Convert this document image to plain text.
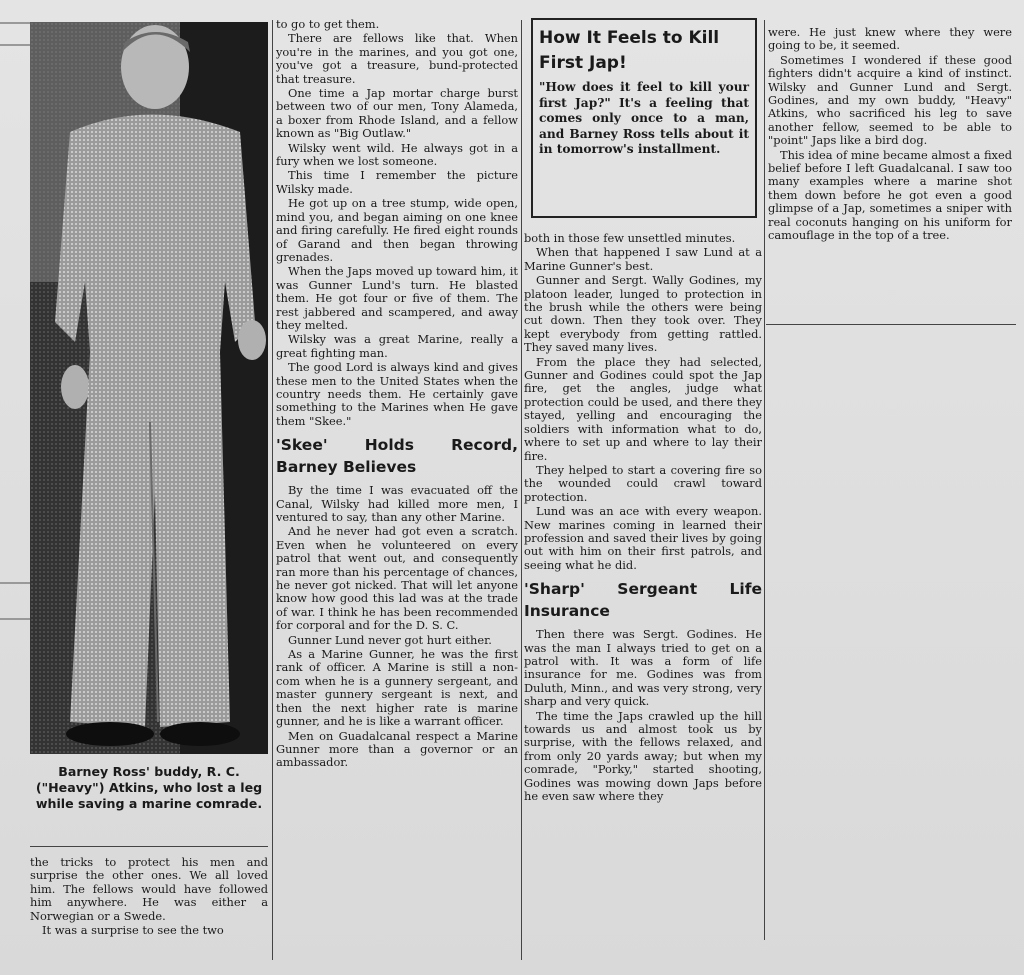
Barney Ross' buddy, R. C. ("Heavy") Atkins, who lost a leg while saving a marine comrade.

the tricks to protect his men and surprise the other ones. We all loved him. The fellows would have followed him anywhere. He was either a Norwegian or a Swede.

It was a surprise to see the two

to go to get them.

There are fellows like that. When you're in the marines, and you got one, you've got a treasure, bund-protected that treasure.

One time a Jap mortar charge burst between two of our men, Tony Alameda, a boxer from Rhode Island, and a fellow known as "Big Outlaw."

Wilsky went wild. He always got in a fury when we lost someone.

This time I remember the picture Wilsky made.

He got up on a tree stump, wide open, mind you, and began aiming on one knee and firing carefully. He fired eight rounds of Garand and then began throwing grenades.

When the Japs moved up toward him, it was Gunner Lund's turn. He blasted them. He got four or five of them. The rest jabbered and scampered, and away they melted.

Wilsky was a great Marine, really a great fighting man.

The good Lord is always kind and gives these men to the United States when the country needs them. He certainly gave something to the Marines when He gave them "Skee."

'Skee' Holds Record, Barney Believes

By the time I was evacuated off the Canal, Wilsky had killed more men, I ventured to say, than any other Marine.

And he never had got even a scratch. Even when he volunteered on every patrol that went out, and consequently ran more than his percentage of chances, he never got nicked. That will let anyone know how good this lad was at the trade of war. I think he has been recommended for corporal and for the D. S. C.

Gunner Lund never got hurt either.

As a Marine Gunner, he was the first rank of officer. A Marine is still a non-com when he is a gunnery sergeant, and master gunnery sergeant is next, and then the next higher rate is marine gunner, and he is like a warrant officer.

Men on Guadalcanal respect a Marine Gunner more than a governor or an ambassador.

How It Feels to Kill First Jap!
"How does it feel to kill your first Jap?" It's a feeling that comes only once to a man, and Barney Ross tells about it in tomorrow's installment.

both in those few unsettled minutes.

When that happened I saw Lund at a Marine Gunner's best.

Gunner and Sergt. Wally Godines, my platoon leader, lunged to protection in the brush while the others were being cut down. Then they took over. They kept everybody from getting rattled. They saved many lives.

From the place they had selected, Gunner and Godines could spot the Jap fire, get the angles, judge what protection could be used, and there they stayed, yelling and encouraging the soldiers with information what to do, where to set up and where to lay their fire.

They helped to start a covering fire so the wounded could crawl toward protection.

Lund was an ace with every weapon. New marines coming in learned their profession and saved their lives by going out with him on their first patrols, and seeing what he did.

'Sharp' Sergeant Life Insurance

Then there was Sergt. Godines. He was the man I always tried to get on a patrol with. It was a form of life insurance for me. Godines was from Duluth, Minn., and was very strong, very sharp and very quick.

The time the Japs crawled up the hill towards us and almost took us by surprise, with the fellows relaxed, and from only 20 yards away; but when my comrade, "Porky," started shooting, Godines was mowing down Japs before he even saw where they

were. He just knew where they were going to be, it seemed.

Sometimes I wondered if these good fighters didn't acquire a kind of instinct. Wilsky and Gunner Lund and Sergt. Godines, and my own buddy, "Heavy" Atkins, who sacrificed his leg to save another fellow, seemed to be able to "point" Japs like a bird dog.

This idea of mine became almost a fixed belief before I left Guadalcanal. I saw too many examples where a marine shot them down before he got even a good glimpse of a Jap, sometimes a sniper with real coconuts hanging on his uniform for camouflage in the top of a tree.
